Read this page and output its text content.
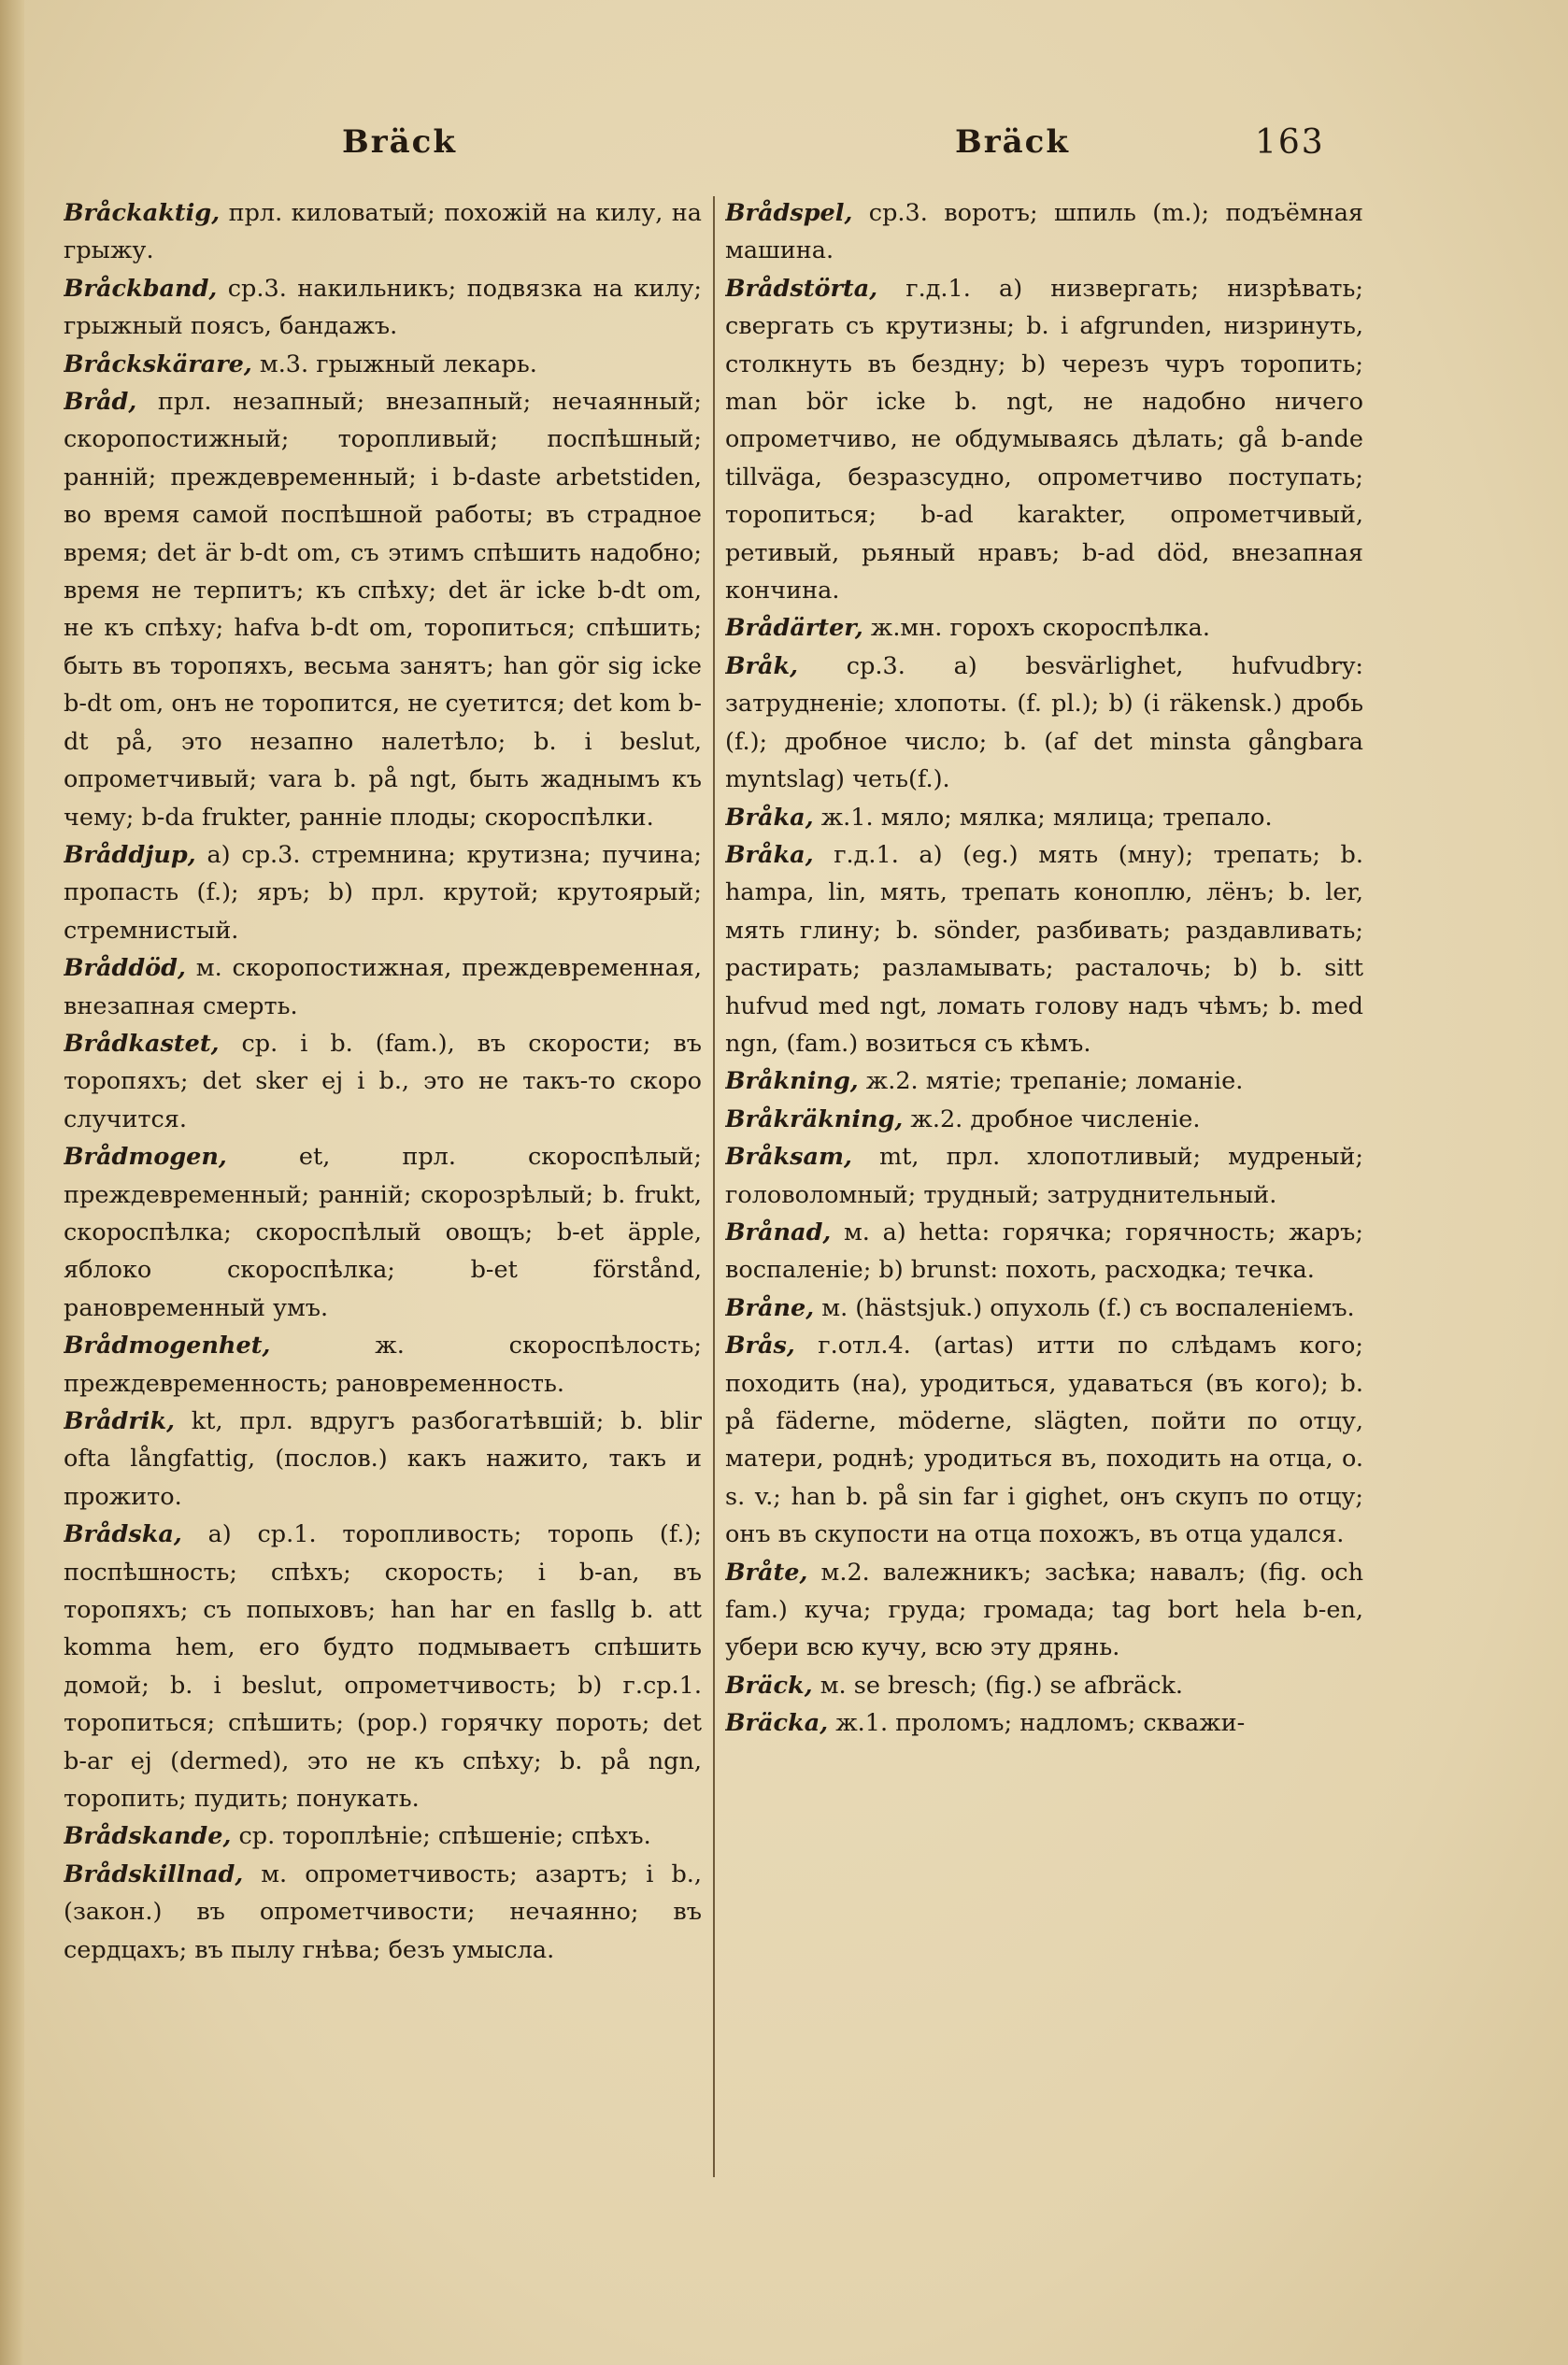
Bräck	Bräck	163

Bråckaktig, прл. киловатый; похожій на килу, на грыжу.

Bråckband, ср.3. накильникъ; подвязка на килу; грыжный поясъ, бандажъ.

Bråckskärare, м.3. грыжный лекарь.

Bråd, прл. незапный; внезапный; нечаянный; скоропостижный; торопливый; поспѣшный; ранній; преждевременный; i b-daste arbetstiden, во время самой поспѣшной работы; въ страдное время; det är b-dt om, съ этимъ спѣшить надобно; время не терпитъ; къ спѣху; det är icke b-dt om, не къ спѣху; hafva b-dt om, торопиться; спѣшить; быть въ торопяхъ, весьма занятъ; han gör sig icke b-dt om, онъ не торопится, не суетится; det kom b-dt på, это незапно налетѣло; b. i beslut, опрометчивый; vara b. på ngt, быть жаднымъ къ чему; b-da frukter, ранніе плоды; скороспѣлки.

Bråddjup, а) ср.3. стремнина; крутизна; пучина; пропасть (f.); яръ; b) прл. крутой; крутоярый; стремнистый.

Bråddöd, м. скоропостижная, преждевременная, внезапная смерть.

Brådkastet, ср. i b. (fam.), въ скорости; въ торопяхъ; det sker ej i b., это не такъ-то скоро случится.

Brådmogen, et, прл. скороспѣлый; преждевременный; ранній; скорозрѣлый; b. frukt, скороспѣлка; скороспѣлый овощъ; b-et äpple, яблоко скороспѣлка; b-et förstånd, рановременный умъ.

Brådmogenhet, ж. скороспѣлость; преждевременность; рановременность.

Brådrik, kt, прл. вдругъ разбогатѣвшій; b. blir ofta långfattig, (послов.) какъ нажито, такъ и прожито.

Brådska, а) ср.1. торопливость; торопь (f.); поспѣшность; спѣхъ; скорость; i b-an, въ торопяхъ; съ попыховъ; han har en fasllg b. att komma hem, его будто подмываетъ спѣшить домой; b. i beslut, опрометчивость; b) г.ср.1. торопиться; спѣшить; (рор.) горячку пороть; det b-ar ej (dermed), это не къ спѣху; b. på ngn, торопить; пудить; понукать.

Brådskande, ср. тороплѣніе; спѣшеніе; спѣхъ.

Brådskillnad, м. опрометчивость; азартъ; i b., (закон.) въ опрометчивости; нечаянно; въ сердцахъ; въ пылу гнѣва; безъ умысла.

Brådspel, ср.3. воротъ; шпиль (m.); подъёмная машина.

Brådstörta, г.д.1. а) низвергать; низрѣвать; свергать съ крутизны; b. i afgrunden, низринуть, столкнуть въ бездну; b) черезъ чуръ торопить; man bör icke b. ngt, не надобно ничего опрометчиво, не обдумываясь дѣлать; gå b-ande tillväga, безразсудно, опрометчиво поступать; торопиться; b-ad karakter, опрометчивый, ретивый, рьяный нравъ; b-ad död, внезапная кончина.

Brådärter, ж.мн. горохъ скороспѣлка.

Bråk, ср.3. а) besvärlighet, hufvudbry: затрудненіе; хлопоты. (f. pl.); b) (i räkensk.) дробь (f.); дробное число; b. (af det minsta gångbara myntslag) четь(f.).

Bråka, ж.1. мяло; мялка; мялица; трепало.

Bråka, г.д.1. а) (eg.) мять (мну); трепать; b. hampa, lin, мять, трепать коноплю, лёнъ; b. ler, мять глину; b. sönder, разбивать; раздавливать; растирать; разламывать; расталочь; b) b. sitt hufvud med ngt, ломать голову надъ чѣмъ; b. med ngn, (fam.) возиться съ кѣмъ.

Bråkning, ж.2. мятіе; трепаніе; ломаніе.

Bråkräkning, ж.2. дробное численіе.

Bråksam, mt, прл. хлопотливый; мудреный; головоломный; трудный; затруднительный.

Brånad, м. а) hetta: горячка; горячность; жаръ; воспаленіе; b) brunst: похоть, расходка; течка.

Bråne, м. (hästsjuk.) опухоль (f.) съ воспаленіемъ.

Brås, г.отл.4. (artas) итти по слѣдамъ кого; походить (на), уродиться, удаваться (въ кого); b. på fäderne, möderne, slägten, пойти по отцу, матери, роднѣ; уродиться въ, походить на отца, o. s. v.; han b. på sin far i gighet, онъ скупъ по отцу; онъ въ скупости на отца похожъ, въ отца удался.

Bråte, м.2. валежникъ; засѣка; навалъ; (fig. och fam.) куча; груда; громада; tag bort hela b-en, убери всю кучу, всю эту дрянь.

Bräck, м. se bresch; (fig.) se afbräck.

Bräcka, ж.1. проломъ; надломъ; скважи-
